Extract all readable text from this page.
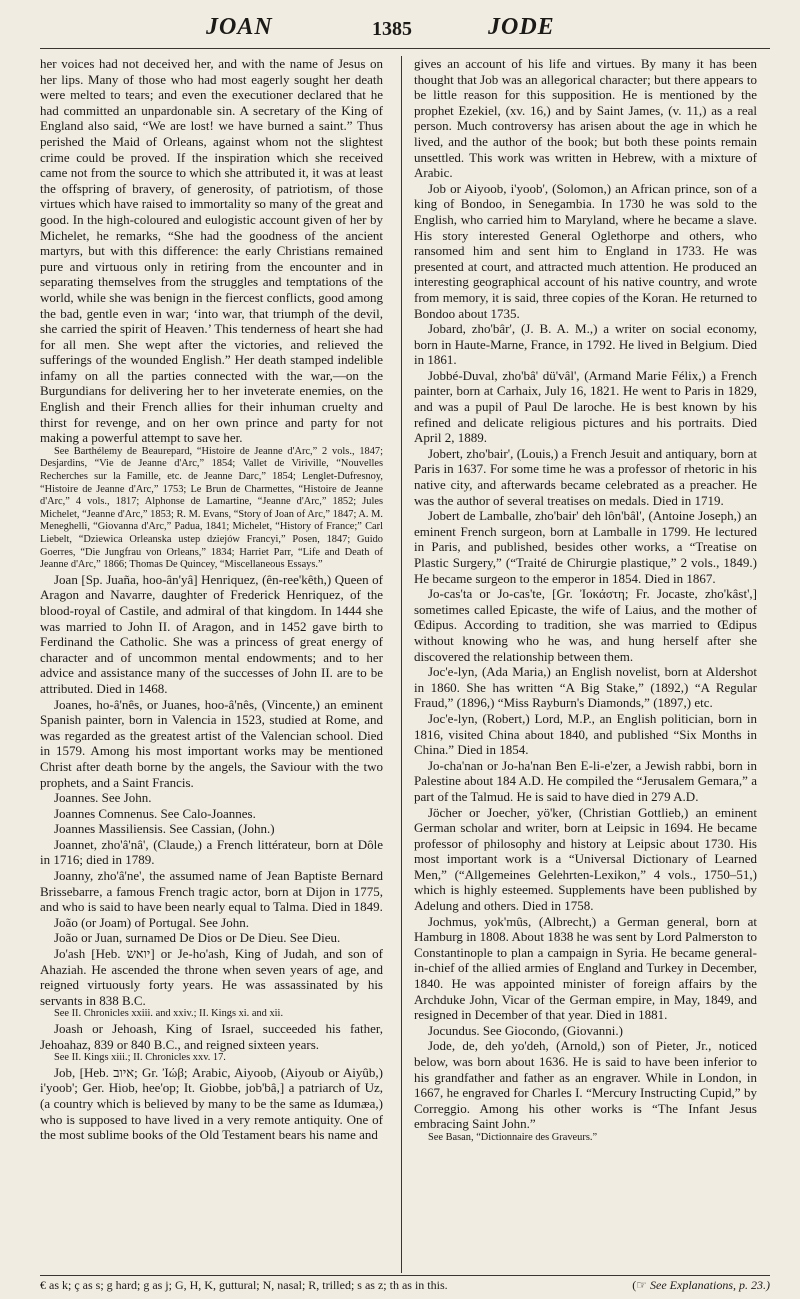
JOAN	1385	JODE

her voices had not deceived her, and with the name of Jesus on her lips. Many of those who had most eagerly sought her death were melted to tears; and even the executioner declared that he had committed an unpardonable sin. A secretary of the King of England also said, “We are lost! we have burned a saint.” Thus perished the Maid of Orleans, against whom not the slightest crime could be proved. If the inspiration which she received came not from the source to which she attributed it, it was at least the offspring of bravery, of generosity, of patriotism, of those virtues which have raised to immortality so many of the great and good. In the high-coloured and eulogistic account given of her by Michelet, he remarks, “She had the goodness of the ancient martyrs, but with this difference: the early Christians remained pure and virtuous only in retiring from the encounter and in separating themselves from the struggles and temptations of the world, while she was benign in the fiercest conflicts, good among the bad, gentle even in war; ‘into war, that triumph of the devil, she carried the spirit of Heaven.’ This tenderness of heart she had for all men. She wept after the victories, and relieved the sufferings of the wounded English.” Her death stamped indelible infamy on all the parties connected with the war,—on the Burgundians for delivering her to her inveterate enemies, on the English and their French allies for their inhuman cruelty and thirst for revenge, and on her own prince and party for not making a powerful attempt to save her.

See Barthélemy de Beaurepard, “Histoire de Jeanne d'Arc,” 2 vols., 1847; Desjardins, “Vie de Jeanne d'Arc,” 1854; Vallet de Viriville, “Nouvelles Recherches sur la Famille, etc. de Jeanne Darc,” 1854; Lenglet-Dufresnoy, “Histoire de Jeanne d'Arc,” 1753; Le Brun de Charmettes, “Histoire de Jeanne d'Arc,” 4 vols., 1817; Alphonse de Lamartine, “Jeanne d'Arc,” 1852; Jules Michelet, “Jeanne d'Arc,” 1853; R. M. Evans, “Story of Joan of Arc,” 1847; A. M. Meneghelli, “Giovanna d'Arc,” Padua, 1841; Michelet, “History of France;” Carl Liebelt, “Dziewica Orleanska ustep dziejów Francyi,” Posen, 1847; Guido Goerres, “Die Jungfrau von Orleans,” 1834; Harriet Parr, “Life and Death of Jeanne d'Arc,” 1866; Thomas De Quincey, “Miscellaneous Essays.”

Joan [Sp. Juaña, hoo-ân'yâ] Henriquez, (ên-ree'kêth,) Queen of Aragon and Navarre, daughter of Frederick Henriquez, of the blood-royal of Castile, and admiral of that kingdom. In 1444 she was married to John II. of Aragon, and in 1452 gave birth to Ferdinand the Catholic. She was a princess of great energy of character and of uncommon mental endowments; and to her advice and assistance many of the successes of John II. are to be attributed. Died in 1468.

Joanes, ho-â'nês, or Juanes, hoo-â'nês, (Vincente,) an eminent Spanish painter, born in Valencia in 1523, studied at Rome, and was regarded as the greatest artist of the Valencian school. Died in 1579. Among his most important works may be mentioned Christ after death borne by the angels, the Saviour with the two prophets, and a Saint Francis.

Joannes. See John.

Joannes Comnenus. See Calo-Joannes.

Joannes Massiliensis. See Cassian, (John.)

Joannet, zho'â'nâ', (Claude,) a French littérateur, born at Dôle in 1716; died in 1789.

Joanny, zho'â'ne', the assumed name of Jean Baptiste Bernard Brissebarre, a famous French tragic actor, born at Dijon in 1775, and who is said to have been nearly equal to Talma. Died in 1849.

João (or Joam) of Portugal. See John.

João or Juan, surnamed De Dios or De Dieu. See Dieu.

Jo'ash [Heb. יואש] or Je-ho'ash, King of Judah, and son of Ahaziah. He ascended the throne when seven years of age, and reigned virtuously forty years. He was assassinated by his servants in 838 B.C.

See II. Chronicles xxiii. and xxiv.; II. Kings xi. and xii.

Joash or Jehoash, King of Israel, succeeded his father, Jehoahaz, 839 or 840 B.C., and reigned sixteen years.

See II. Kings xiii.; II. Chronicles xxv. 17.

Job, [Heb. איוב; Gr. Ἰώβ; Arabic, Aiyoob, (Aiyoub or Aiyûb,) i'yoob'; Ger. Hiob, hee'op; It. Giobbe, job'bâ,] a patriarch of Uz, (a country which is believed by many to be the same as Idumæa,) who is supposed to have lived in a very remote antiquity. One of the most sublime books of the Old Testament bears his name and

gives an account of his life and virtues. By many it has been thought that Job was an allegorical character; but there appears to be little reason for this supposition. He is mentioned by the prophet Ezekiel, (xv. 16,) and by Saint James, (v. 11,) as a real person. Much controversy has arisen about the age in which he lived, and the author of the book; but both these points remain unsettled. This work was written in Hebrew, with a mixture of Arabic.

Job or Aiyoob, i'yoob', (Solomon,) an African prince, son of a king of Bondoo, in Senegambia. In 1730 he was sold to the English, who carried him to Maryland, where he became a slave. His story interested General Oglethorpe and others, who ransomed him and sent him to England in 1733. He was presented at court, and attracted much attention. He produced an interesting geographical account of his native country, and wrote from memory, it is said, three copies of the Koran. He returned to Bondoo about 1735.

Jobard, zho'bâr', (J. B. A. M.,) a writer on social economy, born in Haute-Marne, France, in 1792. He lived in Belgium. Died in 1861.

Jobbé-Duval, zho'bâ' dü'vâl', (Armand Marie Félix,) a French painter, born at Carhaix, July 16, 1821. He went to Paris in 1829, and was a pupil of Paul De laroche. He is best known by his refined and delicate religious pictures and his portraits. Died April 2, 1889.

Jobert, zho'bair', (Louis,) a French Jesuit and antiquary, born at Paris in 1637. For some time he was a professor of rhetoric in his native city, and afterwards became celebrated as a preacher. He was the author of several treatises on medals. Died in 1719.

Jobert de Lamballe, zho'bair' deh lôn'bâl', (Antoine Joseph,) an eminent French surgeon, born at Lamballe in 1799. He lectured in Paris, and published, besides other works, a “Treatise on Plastic Surgery,” (“Traité de Chirurgie plastique,” 2 vols., 1849.) He became surgeon to the emperor in 1854. Died in 1867.

Jo-cas'ta or Jo-cas'te, [Gr. Ἰοκάστη; Fr. Jocaste, zho'kâst',] sometimes called Epicaste, the wife of Laius, and the mother of Œdipus. According to tradition, she was married to Œdipus without knowing who he was, and hung herself after she discovered the relationship between them.

Joc'e-lyn, (Ada Maria,) an English novelist, born at Aldershot in 1860. She has written “A Big Stake,” (1892,) “A Regular Fraud,” (1896,) “Miss Rayburn's Diamonds,” (1897,) etc.

Joc'e-lyn, (Robert,) Lord, M.P., an English politician, born in 1816, visited China about 1840, and published “Six Months in China.” Died in 1854.

Jo-cha'nan or Jo-ha'nan Ben E-li-e'zer, a Jewish rabbi, born in Palestine about 184 A.D. He compiled the “Jerusalem Gemara,” a part of the Talmud. He is said to have died in 279 A.D.

Jöcher or Joecher, yö'ker, (Christian Gottlieb,) an eminent German scholar and writer, born at Leipsic in 1694. He became professor of philosophy and history at Leipsic about 1730. His most important work is a “Universal Dictionary of Learned Men,” (“Allgemeines Gelehrten-Lexikon,” 4 vols., 1750–51,) which is highly esteemed. Supplements have been published by Adelung and others. Died in 1758.

Jochmus, yok'mûs, (Albrecht,) a German general, born at Hamburg in 1808. About 1838 he was sent by Lord Palmerston to Constantinople to plan a campaign in Syria. He became general-in-chief of the allied armies of England and Turkey in December, 1840. He was appointed minister of foreign affairs by the Archduke John, Vicar of the German empire, in May, 1849, and resigned in December of that year. Died in 1881.

Jocundus. See Giocondo, (Giovanni.)

Jode, de, deh yo'deh, (Arnold,) son of Pieter, Jr., noticed below, was born about 1636. He is said to have been inferior to his grandfather and father as an engraver. While in London, in 1667, he engraved for Charles I. “Mercury Instructing Cupid,” by Correggio. Among his other works is “The Infant Jesus embracing Saint John.”

See Basan, “Dictionnaire des Graveurs.”

€ as k; ç as s; g hard; g as j; G, H, K, guttural; N, nasal; R, trilled; s as z; th as in this.	(☞ See Explanations, p. 23.)
